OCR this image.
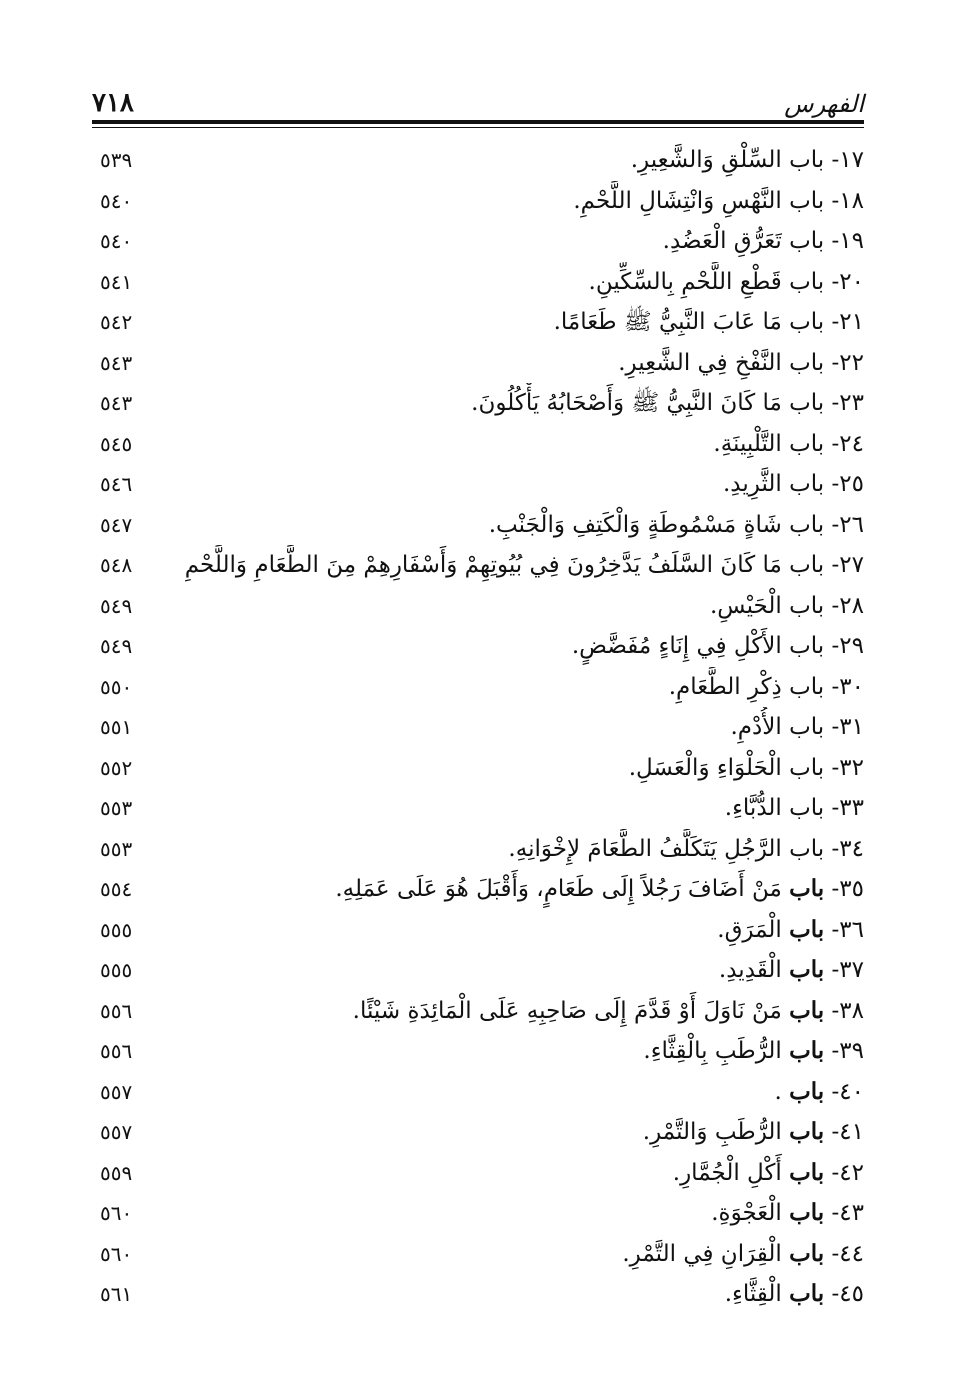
الفهرس
٧١٨
١٧- باب السِّلْقِ وَالشَّعِيرِ.
٥٣٩
١٨- باب النَّهْسِ وَانْتِشَالِ اللَّحْمِ.
٥٤٠
١٩- باب تَعَرُّقِ الْعَضُدِ.
٥٤٠
٢٠- باب قَطْعِ اللَّحْمِ بِالسِّكِّينِ.
٥٤١
٢١- باب مَا عَابَ النَّبِيُّ ﷺ طَعَامًا.
٥٤٢
٢٢- باب النَّفْخِ فِي الشَّعِيرِ.
٥٤٣
٢٣- باب مَا كَانَ النَّبِيُّ ﷺ وَأَصْحَابُهُ يَأْكُلُونَ.
٥٤٣
٢٤- باب التَّلْبِينَةِ.
٥٤٥
٢٥- باب الثَّرِيدِ.
٥٤٦
٢٦- باب شَاةٍ مَسْمُوطَةٍ وَالْكَتِفِ وَالْجَنْبِ.
٥٤٧
٢٧- باب مَا كَانَ السَّلَفُ يَدَّخِرُونَ فِي بُيُوتِهِمْ وَأَسْفَارِهِمْ مِنَ الطَّعَامِ وَاللَّحْمِ
٥٤٨
٢٨- باب الْحَيْسِ.
٥٤٩
٢٩- باب الأَكْلِ فِي إِنَاءٍ مُفَضَّضٍ.
٥٤٩
٣٠- باب ذِكْرِ الطَّعَامِ.
٥٥٠
٣١- باب الأُدْمِ.
٥٥١
٣٢- باب الْحَلْوَاءِ وَالْعَسَلِ.
٥٥٢
٣٣- باب الدُّبَّاءِ.
٥٥٣
٣٤- باب الرَّجُلِ يَتَكَلَّفُ الطَّعَامَ لإِخْوَانِهِ.
٥٥٣
٣٥- باب مَنْ أَضَافَ رَجُلاً إِلَى طَعَامٍ، وَأَقْبَلَ هُوَ عَلَى عَمَلِهِ.
٥٥٤
٣٦- باب الْمَرَقِ.
٥٥٥
٣٧- باب الْقَدِيدِ.
٥٥٥
٣٨- باب مَنْ نَاوَلَ أَوْ قَدَّمَ إِلَى صَاحِبِهِ عَلَى الْمَائِدَةِ شَيْئًا.
٥٥٦
٣٩- باب الرُّطَبِ بِالْقِثَّاءِ.
٥٥٦
٤٠- باب .
٥٥٧
٤١- باب الرُّطَبِ وَالتَّمْرِ.
٥٥٧
٤٢- باب أَكْلِ الْجُمَّارِ.
٥٥٩
٤٣- باب الْعَجْوَةِ.
٥٦٠
٤٤- باب الْقِرَانِ فِي التَّمْرِ.
٥٦٠
٤٥- باب الْقِثَّاءِ.
٥٦١
